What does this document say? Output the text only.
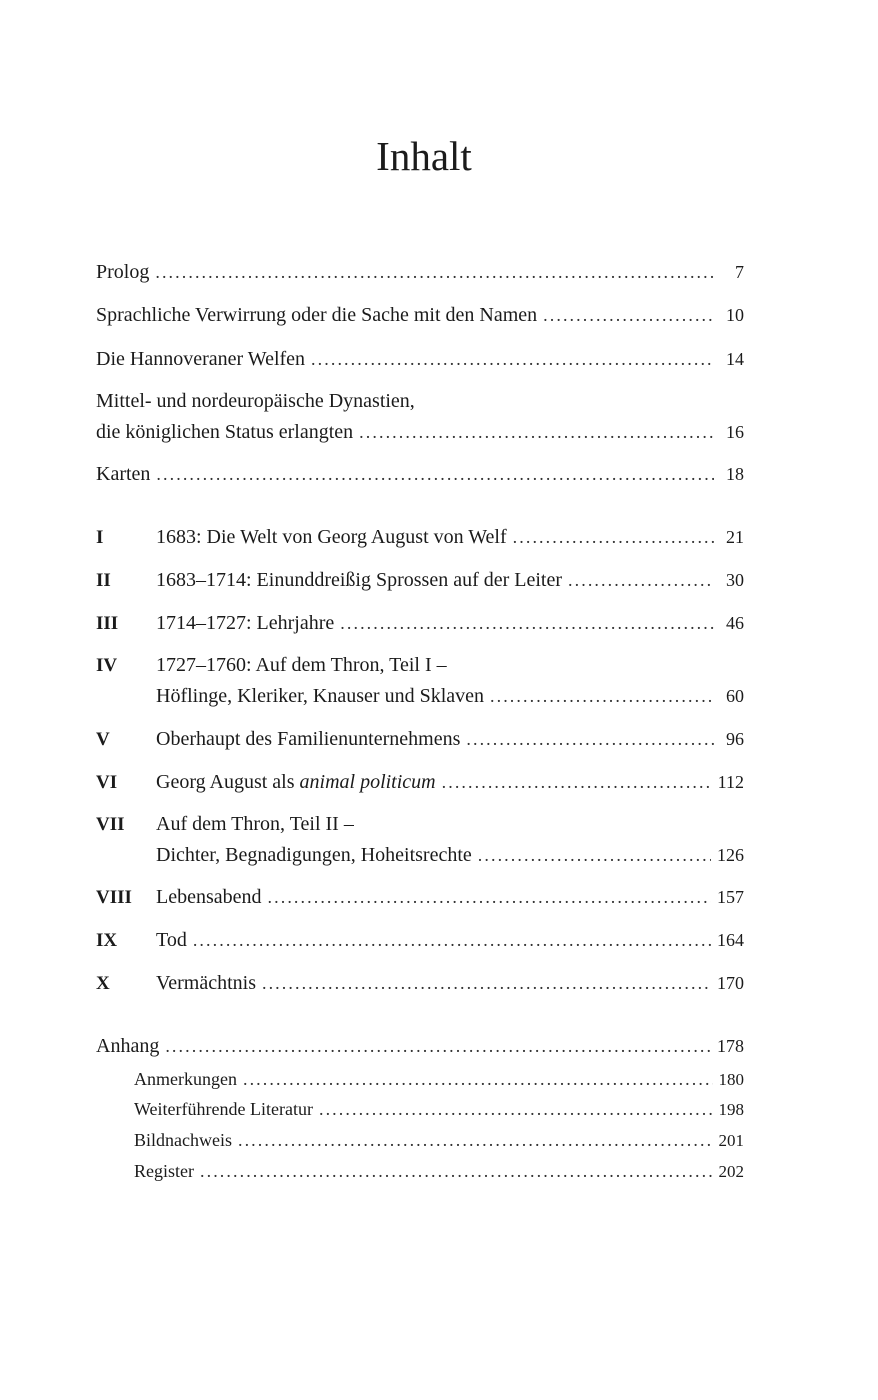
Inhalt
Prolog . . .	7
Sprachliche Verwirrung oder die Sache mit den Namen . . .	10
Die Hannoveraner Welfen . . .	14
Mittel- und nordeuropäische Dynastien,
die königlichen Status erlangten . . .	16
Karten . . .	18
I	1683: Die Welt von Georg August von Welf . . .	21
II	1683–1714: Einunddreißig Sprossen auf der Leiter . . .	30
III	1714–1727: Lehrjahre . . .	46
IV 1727–1760: Auf dem Thron, Teil I –
Höflinge, Kleriker, Knauser und Sklaven . . .	60
V	Oberhaupt des Familienunternehmens . . .	96
VI	Georg August als animal politicum . . .	112
VII Auf dem Thron, Teil II –
Dichter, Begnadigungen, Hoheitsrechte . . .	126
VIII	Lebensabend . . .	157
IX	Tod . . .	164
X	Vermächtnis . . .	170
Anhang . . .	178
Anmerkungen . . .	180
Weiterführende Literatur . . .	198
Bildnachweis . . .	201
Register . . .	202
